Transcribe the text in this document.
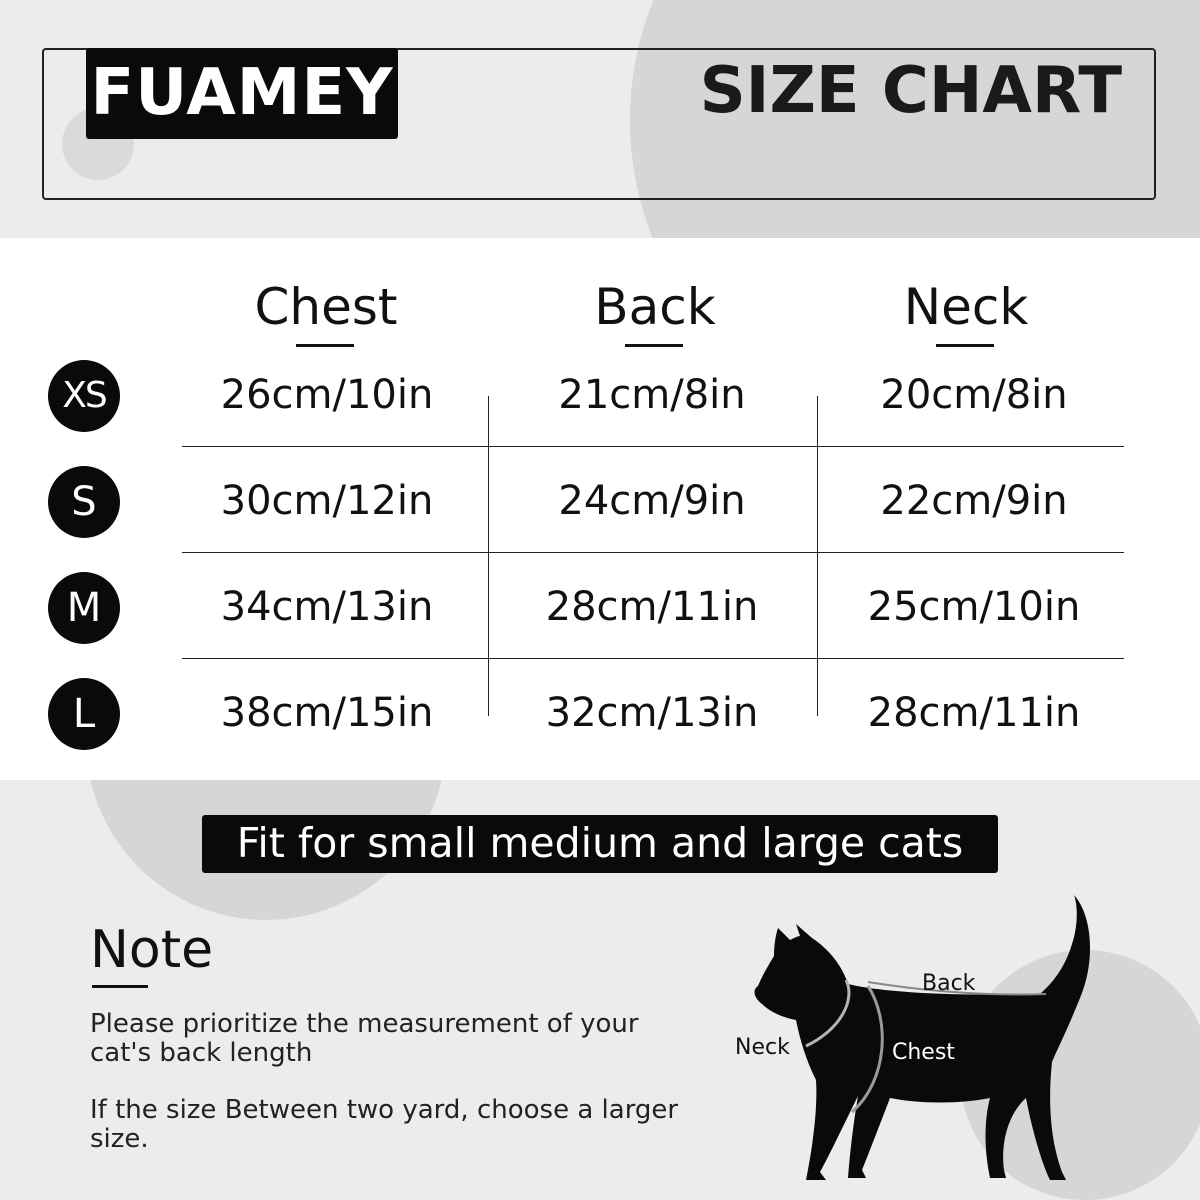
FUAMEY	SIZE CHART
Chest	Back	Neck
XS	26cm/10in	21cm/8in	20cm/8in
S	30cm/12in	24cm/9in	22cm/9in
M	34cm/13in	28cm/11in	25cm/10in
L	38cm/15in	32cm/13in	28cm/11in
Fit for small medium and large cats
Note
Please prioritize the measurement of your cat's back length
If the size Between two yard, choose a larger size.
Back
Neck	Chest
